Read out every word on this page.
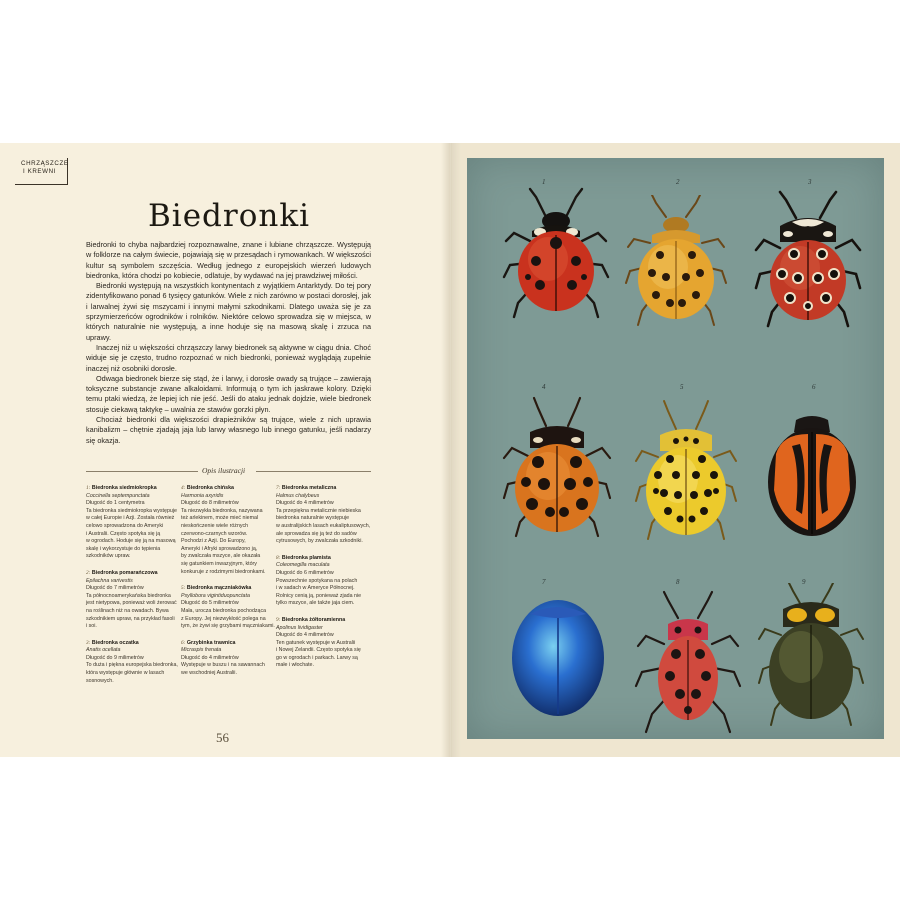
CHRZĄSZCZE
I KREWNI
Biedronki

Biedronki to chyba najbardziej rozpoznawalne, znane i lubiane chrząszcze. Występują w folklorze na całym świecie, pojawiają się w przesądach i rymowankach. W większości kultur są symbolem szczęścia. Według jednego z europejskich wierzeń ludowych biedronka, która chodzi po kobiecie, odlatuje, by wydawać na jej prawdziwej miłości.

Biedronki występują na wszystkich kontynentach z wyjątkiem Antarktydy. Do tej pory zidentyfikowano ponad 6 tysięcy gatunków. Wiele z nich zarówno w postaci dorosłej, jak i larwalnej żywi się mszycami i innymi małymi szkodnikami. Dlatego uważa się je za sprzymierzeńców ogrodników i rolników. Niektóre celowo sprowadza się w miejsca, w których naturalnie nie występują, a inne hoduje się na masową skalę i zrzuca na uprawy.

Inaczej niż u większości chrząszczy larwy biedronek są aktywne w ciągu dnia. Choć widuje się je często, trudno rozpoznać w nich biedronki, ponieważ wyglądają zupełnie inaczej niż osobniki dorosłe.

Odwaga biedronek bierze się stąd, że i larwy, i dorosłe owady są trujące – zawierają toksyczne substancje zwane alkaloidami. Informują o tym ich jaskrawe kolory. Dzięki temu ptaki wiedzą, że lepiej ich nie jeść. Jeśli do ataku jednak dojdzie, wiele biedronek stosuje ciekawą taktykę – uwalnia ze stawów gorzki płyn.

Chociaż biedronki dla większości drapieżników są trujące, wiele z nich uprawia kanibalizm – chętnie zjadają jaja lub larwy własnego lub innego gatunku, jeśli nadarzy się okazja.

Opis ilustracji
1: Biedronka siedmiokropka
Coccinella septempunctata
Długość do 1 centymetra
Ta biedronka siedmiokropka występuje
w całej Europie i Azji. Została również
celowo sprowadzona do Ameryki
i Australii. Często spotyka się ją
w ogrodach. Hoduje się ją na masową
skalę i wykorzystuje do tępienia
szkodników upraw.
2: Biedronka pomarańczowa
Epilachna varivestis
Długość do 7 milimetrów
Ta północnoamerykańska biedronka
jest nietypowa, ponieważ woli żerować
na roślinach niż na owadach. Bywa
szkodnikiem upraw, na przykład fasoli
i soi.
3: Biedronka oczatka
Anatis ocellata
Długość do 9 milimetrów
To duża i piękna europejska biedronka,
która występuje głównie w lasach
sosnowych.
4: Biedronka chińska
Harmonia axyridis
Długość do 8 milimetrów
Ta niezwykła biedronka, nazywana
też arlekinem, może mieć niemal
nieskończenie wiele różnych
czerwono-czarnych wzorów.
Pochodzi z Azji. Do Europy,
Ameryki i Afryki sprowadzono ją,
by zwalczała mszyce, ale okazała
się gatunkiem inwazyjnym, który
konkuruje z rodzimymi biedronkami.
5: Biedronka mączniakówka
Psyllobora vigintiduopunctata
Długość do 5 milimetrów
Mała, urocza biedronka pochodząca
z Europy. Jej niezwykłość polega na
tym, że żywi się grzybami mączniakami.
6: Grzybinka trawnica
Micraspis frenata
Długość do 4 milimetrów
Występuje w buszu i na sawannach
we wschodniej Australii.
7: Biedronka metaliczna
Halmus chalybeus
Długość do 4 milimetrów
Ta przepiękna metalicznie niebieska
biedronka naturalnie występuje
w australijskich lasach eukaliptusowych,
ale sprowadza się ją też do sadów
cytrusowych, by zwalczała szkodniki.
8: Biedronka plamista
Coleomegilla maculata
Długość do 6 milimetrów
Powszechnie spotykana na polach
i w sadach w Ameryce Północnej.
Rolnicy cenią ją, ponieważ zjada nie
tylko mszyce, ale także jaja ciem.
9: Biedronka żółtoramienna
Apolinus lividigaster
Długość do 4 milimetrów
Ten gatunek występuje w Australii
i Nowej Zelandii. Często spotyka się
go w ogrodach i parkach. Larwy są
małe i włochate.
56
1	2	3
4	5	6
7	8	9
